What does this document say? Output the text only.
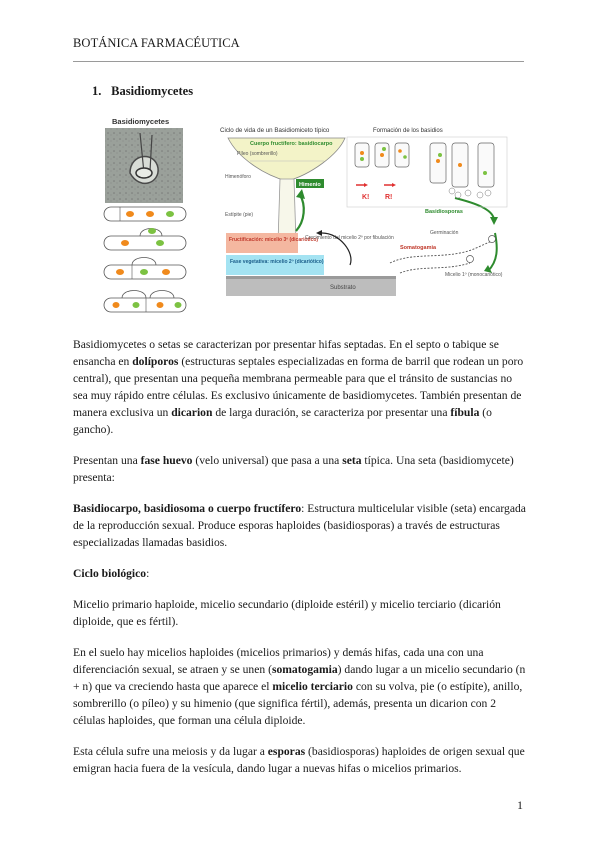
BOTÁNICA FARMACÉUTICA
1. Basidiomycetes
Basidiomycetes
Ciclo de vida de un Basidiomiceto típico	Formación de los basidios
Cuerpo fructífero: basidiocarpo
Píleo (sombrerillo)
Himenóforo
Himenio
Estípite (pie)
K! R!
Basidiosporas
Fructificación: micelio 3º (dicariótico)
Crecimiento del micelio 2º por fibulación
Fase vegetativa: micelio 2º (dicariótico)
Substrato
Somatogamia
Germinación
Micelio 1º (monocariótico)

Basidiomycetes o setas se caracterizan por presentar hifas septadas. En el septo o tabique se ensancha en dolíporos (estructuras septales especializadas en forma de barril que rodean un poro central), que presentan una pequeña membrana permeable para que el tránsito de sustancias no sea muy rápido entre células. Es exclusivo únicamente de basidiomycetes. También presentan de manera exclusiva un dicarion de larga duración, se caracteriza por presentar una fíbula (o gancho).

Presentan una fase huevo (velo universal) que pasa a una seta típica. Una seta (basidiomycete) presenta:

Basidiocarpo, basidiosoma o cuerpo fructífero: Estructura multicelular visible (seta) encargada de la reproducción sexual. Produce esporas haploides (basidiosporas) a través de estructuras especializadas llamadas basidios.

Ciclo biológico:

Micelio primario haploide, micelio secundario (diploide estéril) y micelio terciario (dicarión diploide, que es fértil).

En el suelo hay micelios haploides (micelios primarios) y demás hifas, cada una con una diferenciación sexual, se atraen y se unen (somatogamia) dando lugar a un micelio secundario (n + n) que va creciendo hasta que aparece el micelio terciario con su volva, pie (o estípite), anillo, sombrerillo (o píleo) y su himenio (que significa fértil), además, presenta un dicarion con 2 células haploides, que forman una célula diploide.

Esta célula sufre una meiosis y da lugar a esporas (basidiosporas) haploides de origen sexual que emigran hacia fuera de la vesícula, dando lugar a nuevas hifas o micelios primarios.

1
